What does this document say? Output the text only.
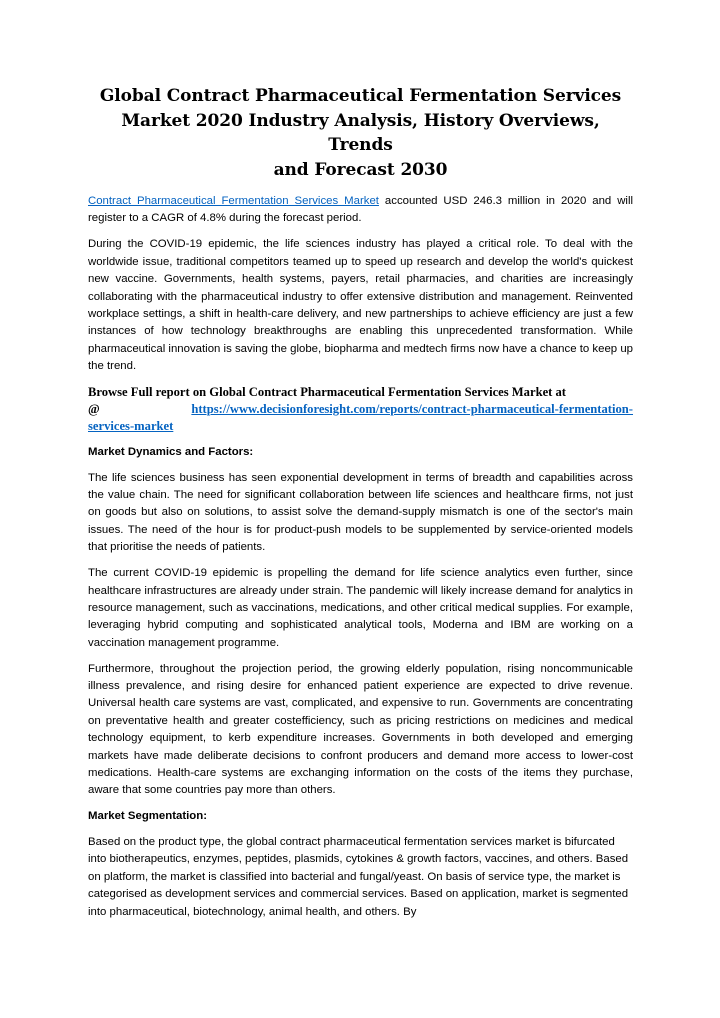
Global Contract Pharmaceutical Fermentation Services
Market 2020 Industry Analysis, History Overviews, Trends
and Forecast 2030

Contract Pharmaceutical Fermentation Services Market accounted USD 246.3 million in 2020 and will register to a CAGR of 4.8% during the forecast period.

During the COVID-19 epidemic, the life sciences industry has played a critical role. To deal with the worldwide issue, traditional competitors teamed up to speed up research and develop the world's quickest new vaccine. Governments, health systems, payers, retail pharmacies, and charities are increasingly collaborating with the pharmaceutical industry to offer extensive distribution and management. Reinvented workplace settings, a shift in health-care delivery, and new partnerships to achieve efficiency are just a few instances of how technology breakthroughs are enabling this unprecedented transformation. While pharmaceutical innovation is saving the globe, biopharma and medtech firms now have a chance to keep up the trend.

Browse Full report on Global Contract Pharmaceutical Fermentation Services Market at
@	https://www.decisionforesight.com/reports/contract-pharmaceutical-fermentation-
services-market
Market Dynamics and Factors:

The life sciences business has seen exponential development in terms of breadth and capabilities across the value chain. The need for significant collaboration between life sciences and healthcare firms, not just on goods but also on solutions, to assist solve the demand-supply mismatch is one of the sector's main issues. The need of the hour is for product-push models to be supplemented by service-oriented models that prioritise the needs of patients.

The current COVID-19 epidemic is propelling the demand for life science analytics even further, since healthcare infrastructures are already under strain. The pandemic will likely increase demand for analytics in resource management, such as vaccinations, medications, and other critical medical supplies. For example, leveraging hybrid computing and sophisticated analytical tools, Moderna and IBM are working on a vaccination management programme.

Furthermore, throughout the projection period, the growing elderly population, rising noncommunicable illness prevalence, and rising desire for enhanced patient experience are expected to drive revenue. Universal health care systems are vast, complicated, and expensive to run. Governments are concentrating on preventative health and greater costefficiency, such as pricing restrictions on medicines and medical technology equipment, to kerb expenditure increases. Governments in both developed and emerging markets have made deliberate decisions to confront producers and demand more access to lower-cost medications. Health-care systems are exchanging information on the costs of the items they purchase, aware that some countries pay more than others.

Market Segmentation:

Based on the product type, the global contract pharmaceutical fermentation services market is bifurcated into biotherapeutics, enzymes, peptides, plasmids, cytokines & growth factors, vaccines, and others. Based on platform, the market is classified into bacterial and fungal/yeast. On basis of service type, the market is categorised as development services and commercial services. Based on application, market is segmented into pharmaceutical, biotechnology, animal health, and others. By
